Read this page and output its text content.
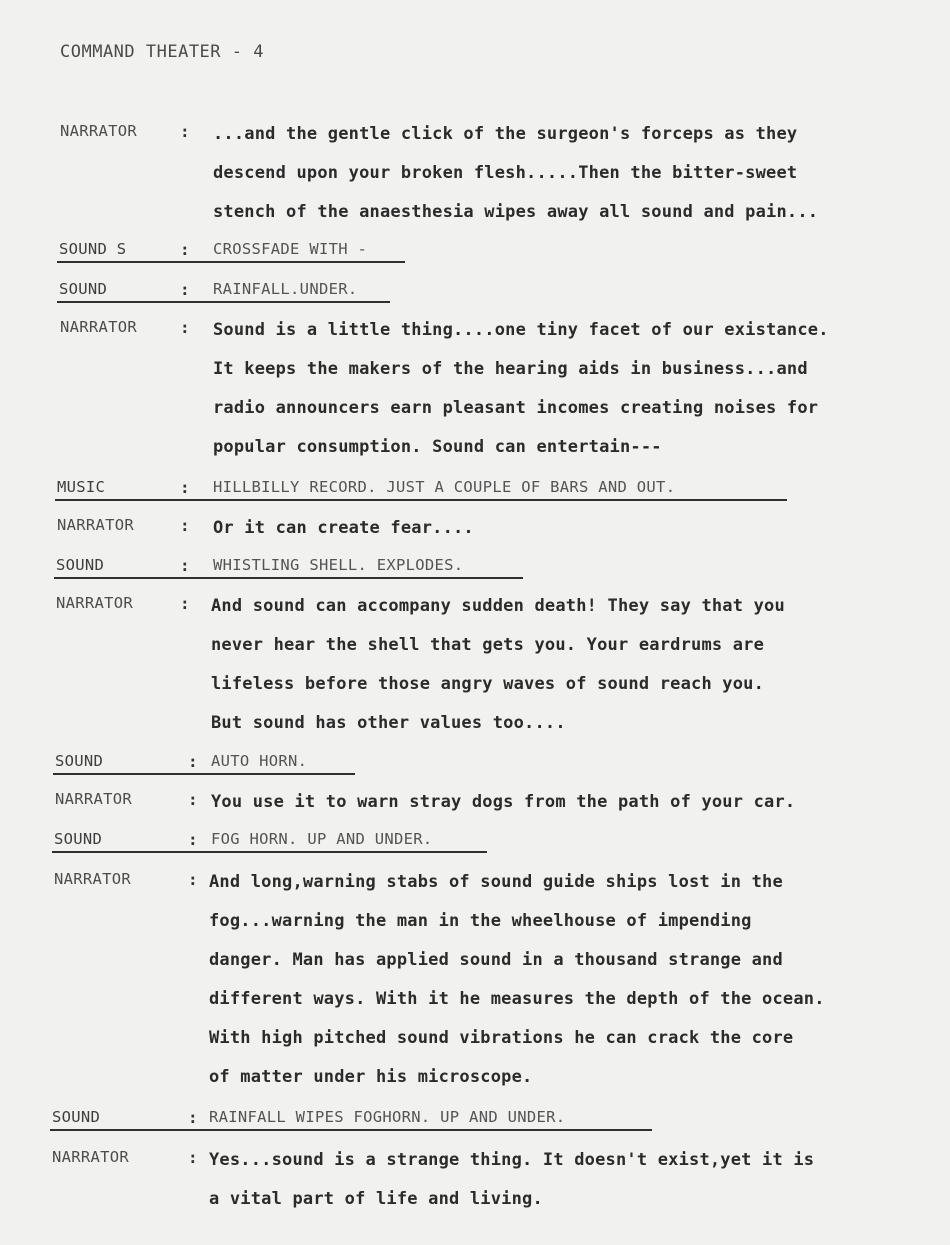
COMMAND THEATER - 4
NARRATOR	: ...and the gentle click of the surgeon's forceps as they
descend upon your broken flesh.....Then the bitter-sweet
stench of the anaesthesia wipes away all sound and pain...
SOUND S	: CROSSFADE WITH -
SOUND	: RAINFALL.UNDER.
NARRATOR	: Sound is a little thing....one tiny facet of our existance.
It keeps the makers of the hearing aids in business...and
radio announcers earn pleasant incomes creating noises for
popular consumption. Sound can entertain---
MUSIC	: HILLBILLY RECORD. JUST A COUPLE OF BARS AND OUT.
NARRATOR	: Or it can create fear....
SOUND	: WHISTLING SHELL. EXPLODES.
NARRATOR	: And sound can accompany sudden death! They say that you
never hear the shell that gets you. Your eardrums are
lifeless before those angry waves of sound reach you.
But sound has other values too....
SOUND	: AUTO HORN.
NARRATOR	: You use it to warn stray dogs from the path of your car.
SOUND	: FOG HORN. UP AND UNDER.
NARRATOR	: And long,warning stabs of sound guide ships lost in the
fog...warning the man in the wheelhouse of impending
danger. Man has applied sound in a thousand strange and
different ways. With it he measures the depth of the ocean.
With high pitched sound vibrations he can crack the core
of matter under his microscope.
SOUND	: RAINFALL WIPES FOGHORN. UP AND UNDER.
NARRATOR	: Yes...sound is a strange thing. It doesn't exist,yet it is
a vital part of life and living.
